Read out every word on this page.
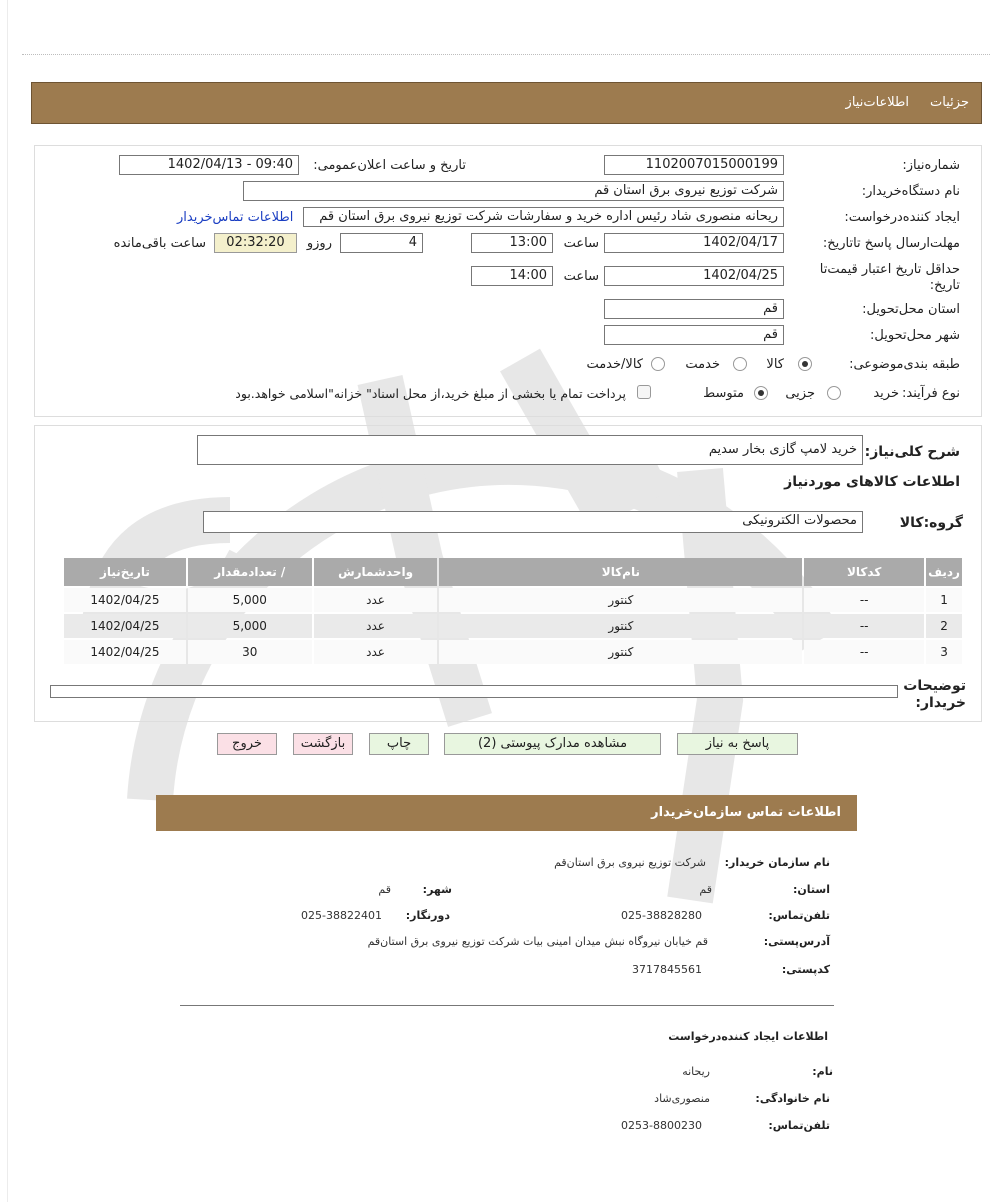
جزئیات
اطلاعات‌نیاز
شماره‌نیاز:
1102007015000199
تاریخ و ساعت اعلان‌عمومی:
1402/04/13 - 09:40
نام دستگاه‌خریدار:
شرکت توزیع نیروی برق استان قم
ایجاد کننده‌درخواست:
ریحانه منصوری شاد رئیس اداره خرید و سفارشات شرکت توزیع نیروی برق استان قم
اطلاعات تماس‌خریدار
مهلت‌ارسال پاسخ تا‌تاریخ:
1402/04/17
ساعت
13:00
4
روزو
02:32:20
ساعت باقی‌مانده
حداقل تاریخ اعتبار قیمت‌تا
تاریخ:
1402/04/25
ساعت
14:00
استان محل‌تحویل:
قم
شهر محل‌تحویل:
قم
طبقه بندی‌موضوعی:
کالا
خدمت
کالا/خدمت
نوع فرآیند:
خرید
جزیی
متوسط
پرداخت تمام یا بخشی از مبلغ خرید،از محل اسناد" خزانه"اسلامی خواهد.بود
شرح کلی‌نیاز:
خرید لامپ گازی بخار سدیم
اطلاعات کالاهای موردنیاز
گروه:کالا
محصولات الکترونیکی
ردیف	کدکالا	نام‌کالا	واحدشمارش	/ تعدادمقدار	تاریخ‌نیاز
1	--	کنتور	عدد	5,000	1402/04/25
2	--	کنتور	عدد	5,000	1402/04/25
3	--	کنتور	عدد	30	1402/04/25
توضیحات خریدار:
پاسخ به نیاز
مشاهده مدارک پیوستی (2)
چاپ
بازگشت
خروج
اطلاعات تماس سازمان‌خریدار
نام سازمان‌ خریدار:
شرکت توزیع نیروی برق استان‌قم
استان:
قم
شهر:
قم
تلفن‌تماس:
025-38828280
دورنگار:
025-38822401
آدرس‌پستی:
قم خیابان نیروگاه نبش میدان امینی بیات شرکت توزیع نیروی برق استان‌قم
کد‌پستی:
3717845561
اطلاعات ایجاد کننده‌درخواست
نام:
ریحانه
نام خانوادگی:
منصوری‌شاد
تلفن‌تماس:
0253-8800230
